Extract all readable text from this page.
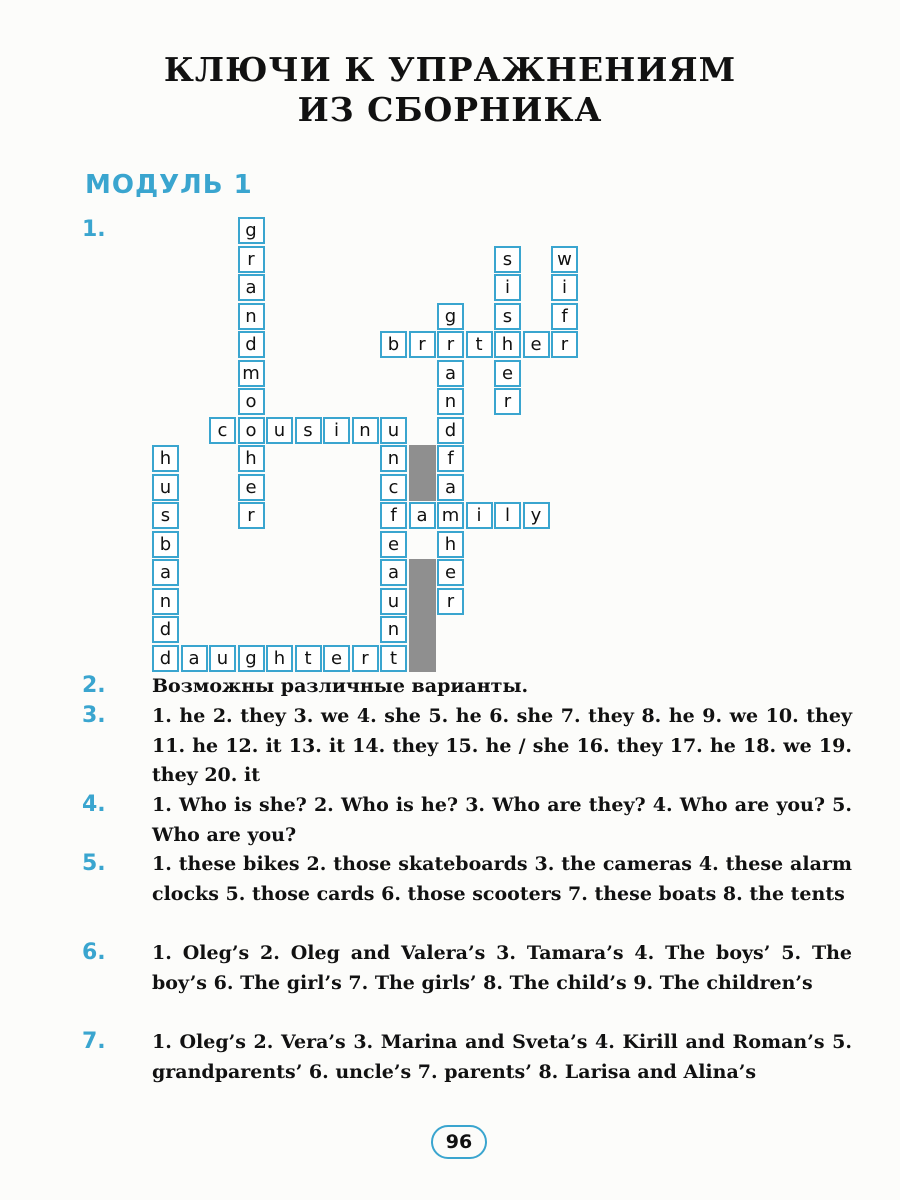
КЛЮЧИ К УПРАЖНЕНИЯМ
ИЗ СБОРНИКА
МОДУЛЬ 1
1.	g
r
a
n
d
m
o
o
h
e
r
s
i
s
h
e
r
w
i
f
r
b	r	r	t	e
g
a
n
d
f
a
m
h
e
r
c	u	s	i	n
h
u
s
b
a
n
d
u
n
c
f
e
a	i	l	y
a
u
n
t
d a u g h	t	e	r
2.
3.
4.
5.
6.
7.

Возможны различные варианты.

1. he 2. they 3. we 4. she 5. he 6. she 7. they 8. he 9. we 10. they 11. he 12. it 13. it 14. they 15. he / she 16. they 17. he 18. we 19. they 20. it

1. Who is she? 2. Who is he? 3. Who are they? 4. Who are you? 5. Who are you?

1. these bikes 2. those skateboards 3. the cameras 4. these alarm clocks 5. those cards 6. those scooters 7. these boats 8. the tents

1. Oleg’s 2. Oleg and Valera’s 3. Tamara’s 4. The boys’ 5. The boy’s 6. The girl’s 7. The girls’ 8. The child’s 9. The children’s

1. Oleg’s 2. Vera’s 3. Marina and Sveta’s 4. Kirill and Roman’s 5. grandparents’ 6. uncle’s 7. parents’ 8. Larisa and Alina’s

96
